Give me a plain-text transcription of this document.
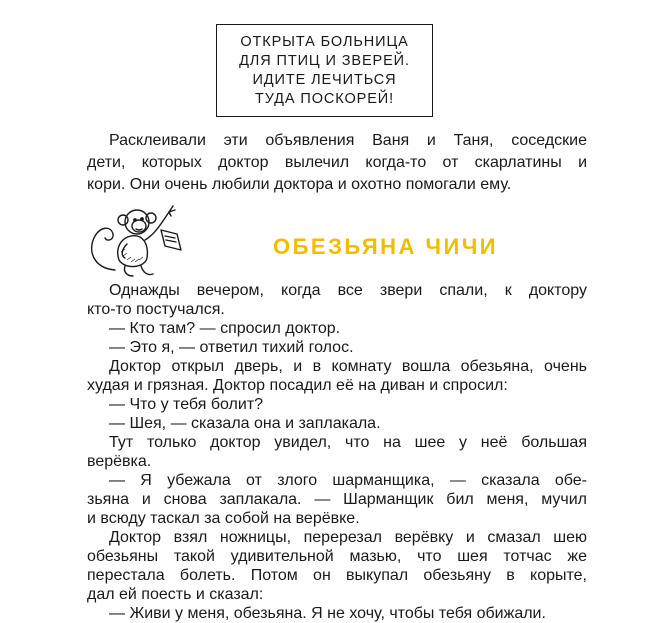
ОТКРЫТА БОЛЬНИЦА
ДЛЯ ПТИЦ И ЗВЕРЕЙ.
ИДИТЕ ЛЕЧИТЬСЯ
ТУДА ПОСКОРЕЙ!
Расклеивали эти объявления Ваня и Таня, соседские
дети, которых доктор вылечил когда-то от скарлатины и
кори. Они очень любили доктора и охотно помогали ему.
ОБЕЗЬЯНА ЧИЧИ
Однажды вечером, когда все звери спали, к доктору
кто-то постучался.
— Кто там? — спросил доктор.
— Это я, — ответил тихий голос.
Доктор открыл дверь, и в комнату вошла обезьяна, очень
худая и грязная. Доктор посадил её на диван и спросил:
— Что у тебя болит?
— Шея, — сказала она и заплакала.
Тут только доктор увидел, что на шее у неё большая
верёвка.
— Я убежала от злого шарманщика, — сказала обе-
зьяна и снова заплакала. — Шарманщик бил меня, мучил
и всюду таскал за собой на верёвке.
Доктор взял ножницы, перерезал верёвку и смазал шею
обезьяны такой удивительной мазью, что шея тотчас же
перестала болеть. Потом он выкупал обезьяну в корыте,
дал ей поесть и сказал:
— Живи у меня, обезьяна. Я не хочу, чтобы тебя обижали.
